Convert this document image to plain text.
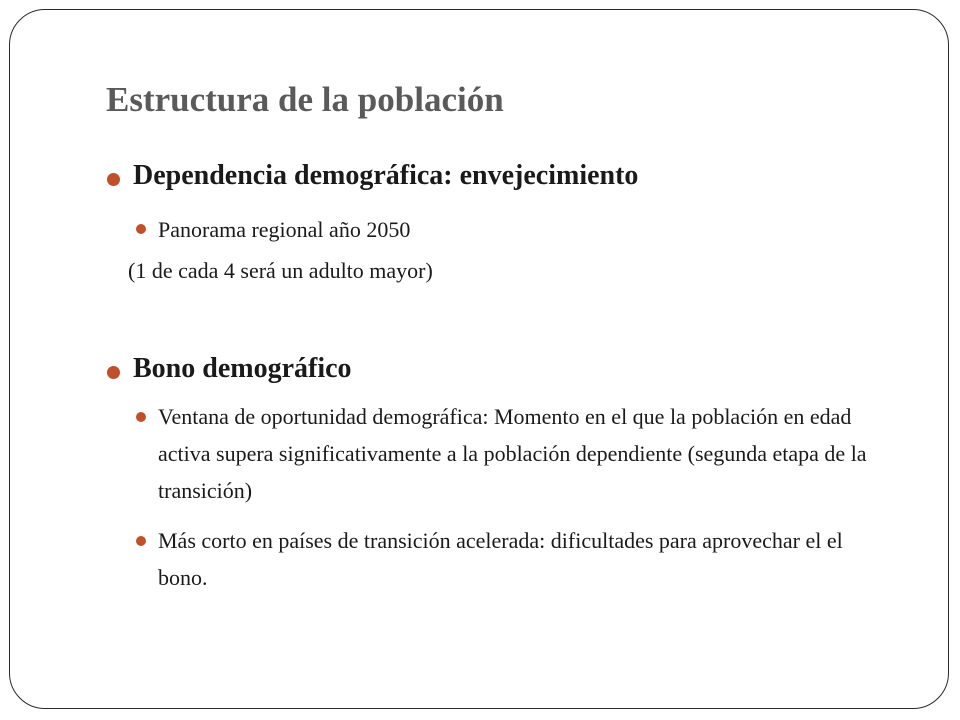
Estructura de la población
Dependencia demográfica: envejecimiento
Panorama regional año 2050
(1 de cada 4 será un adulto mayor)
Bono demográfico
Ventana de oportunidad demográfica: Momento en el que la población en edad activa supera significativamente a la población dependiente (segunda etapa de la transición)
Más corto en países de transición acelerada: dificultades para aprovechar el el bono.
